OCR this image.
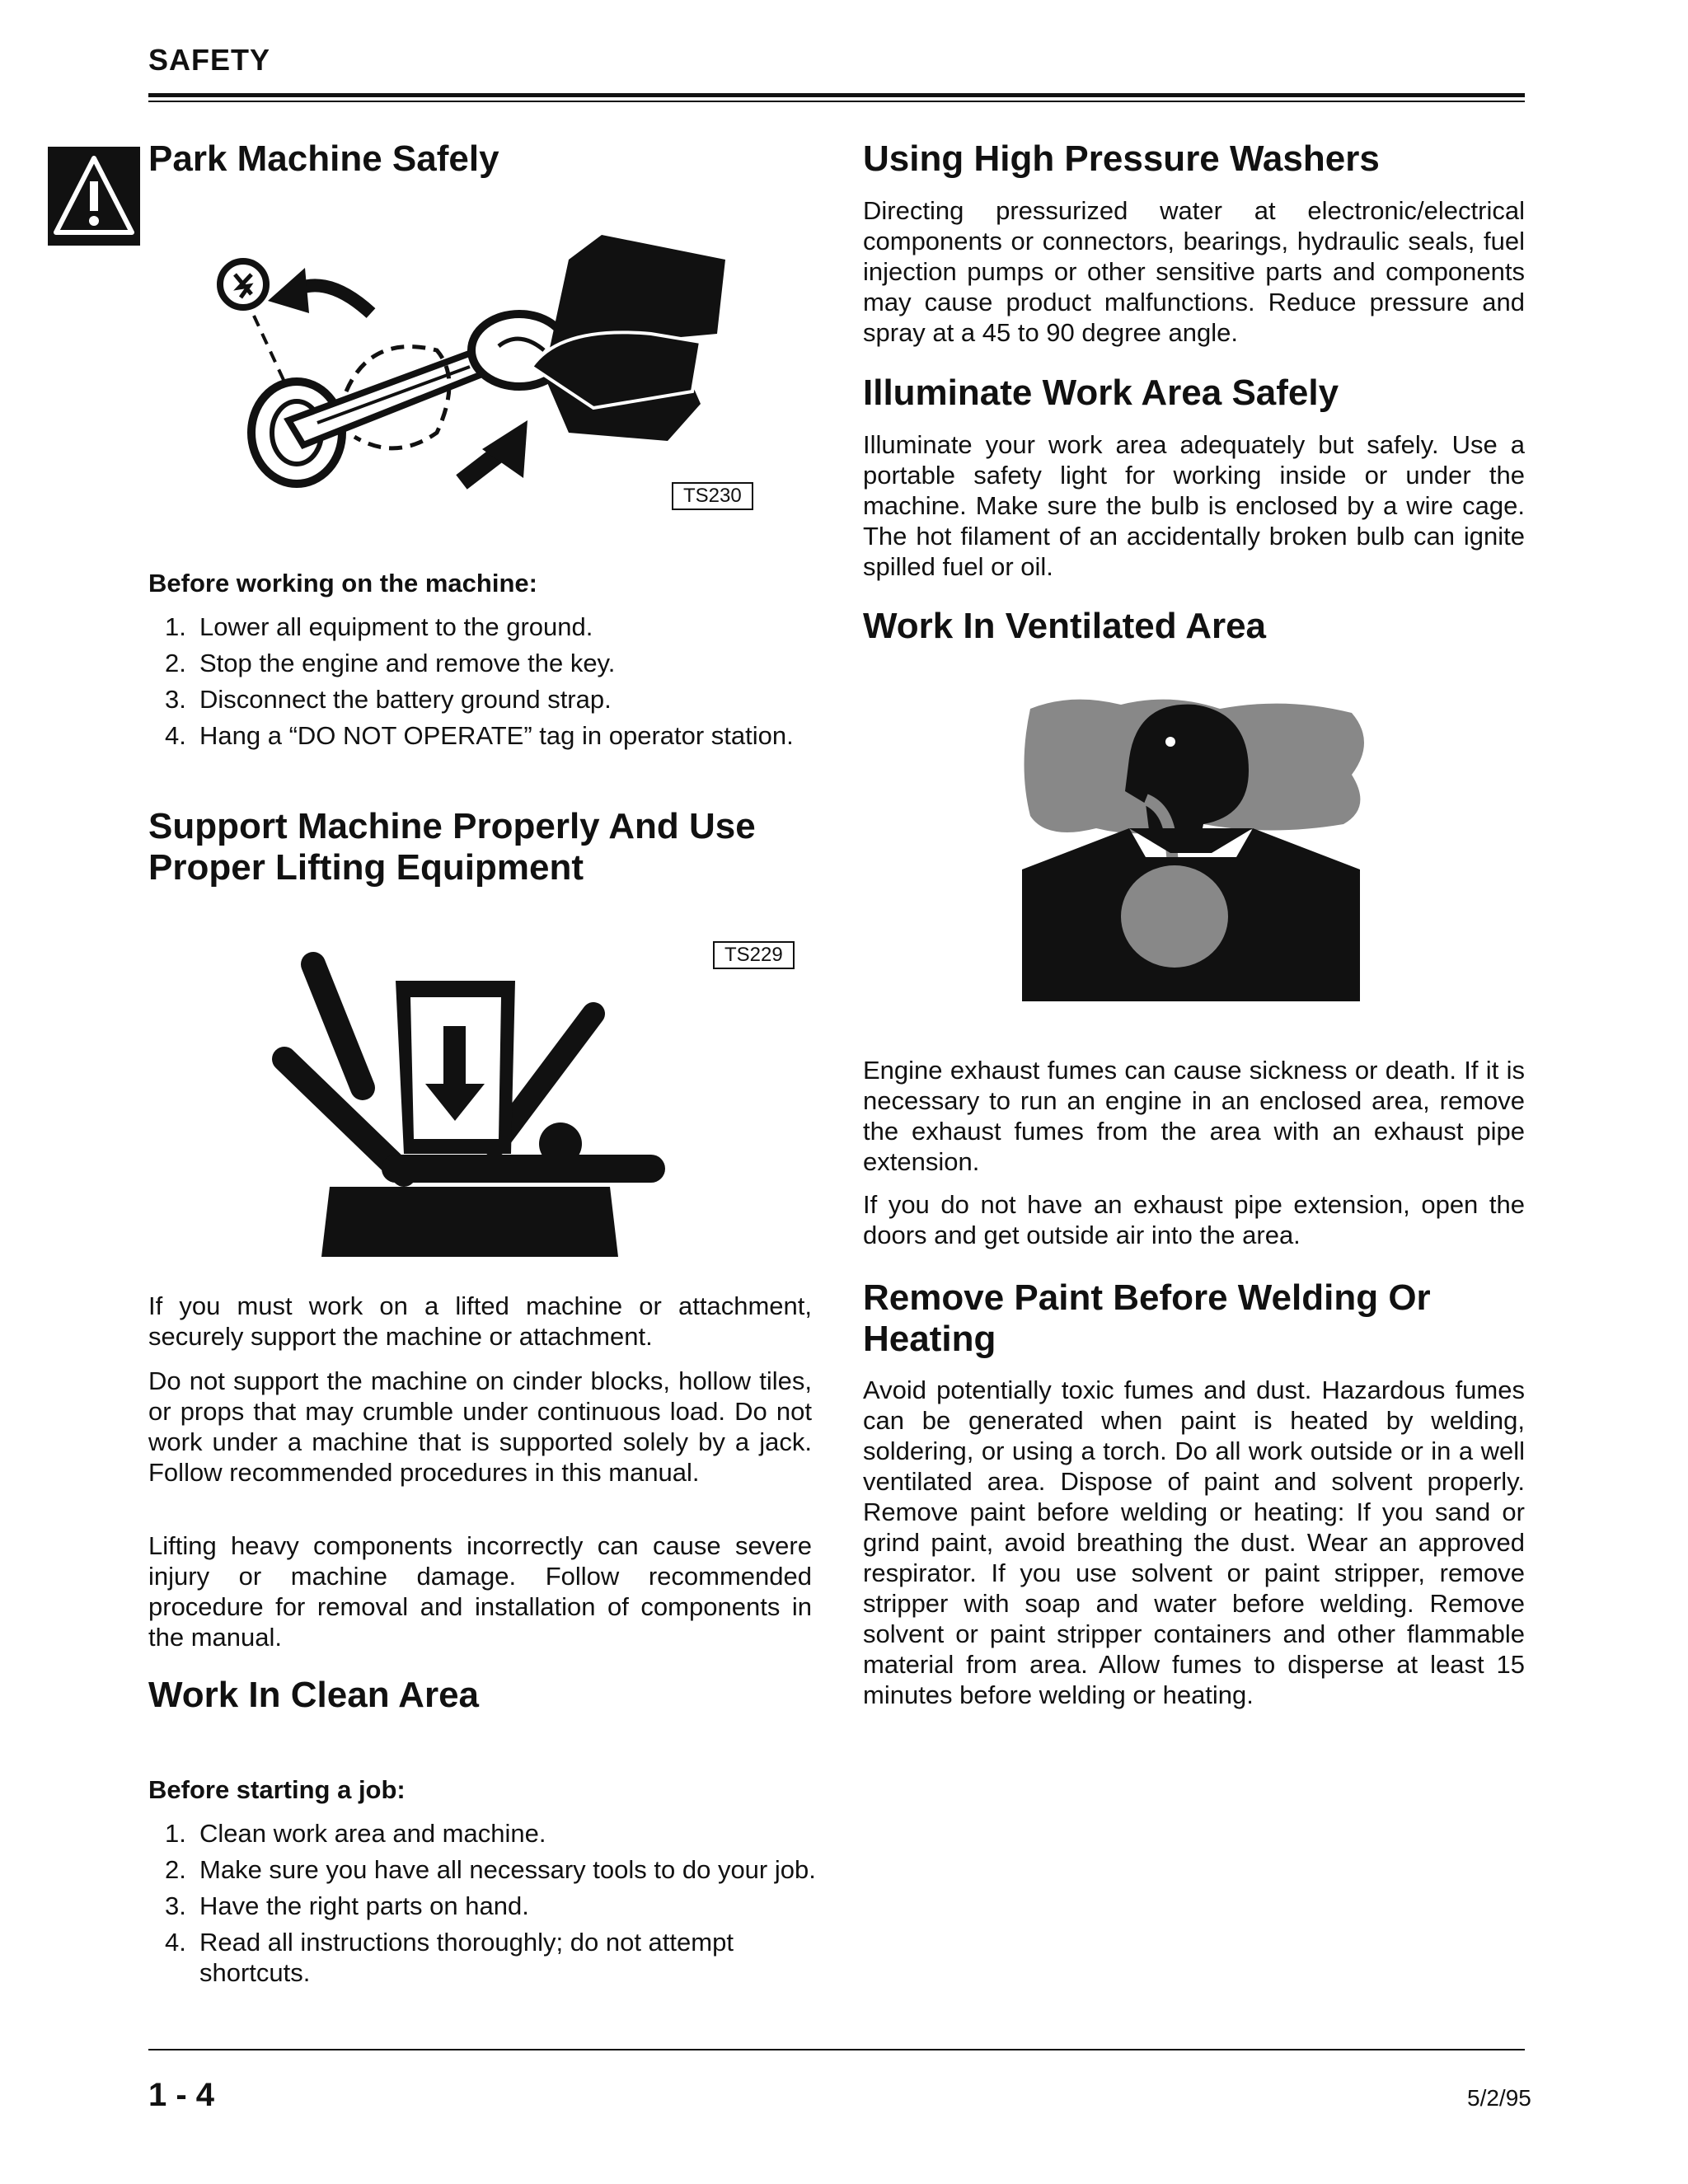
SAFETY
Park Machine Safely
TS230
Before working on the machine:
1. Lower all equipment to the ground.
2. Stop the engine and remove the key.
3. Disconnect the battery ground strap.
4. Hang a “DO NOT OPERATE” tag in operator station.
Support Machine Properly And Use Proper Lifting Equipment
TS229

If you must work on a lifted machine or attachment, securely support the machine or attachment.

Do not support the machine on cinder blocks, hollow tiles, or props that may crumble under continuous load. Do not work under a machine that is supported solely by a jack. Follow recommended procedures in this manual.

Lifting heavy components incorrectly can cause severe injury or machine damage. Follow recommended procedure for removal and installation of components in the manual.

Work In Clean Area
Before starting a job:
1. Clean work area and machine.
2. Make sure you have all necessary tools to do your job.
3. Have the right parts on hand.
4. Read all instructions thoroughly; do not attempt shortcuts.
Using High Pressure Washers

Directing pressurized water at electronic/electrical components or connectors, bearings, hydraulic seals, fuel injection pumps or other sensitive parts and components may cause product malfunctions. Reduce pressure and spray at a 45 to 90 degree angle.

Illuminate Work Area Safely

Illuminate your work area adequately but safely. Use a portable safety light for working inside or under the machine. Make sure the bulb is enclosed by a wire cage. The hot filament of an accidentally broken bulb can ignite spilled fuel or oil.

Work In Ventilated Area

Engine exhaust fumes can cause sickness or death. If it is necessary to run an engine in an enclosed area, remove the exhaust fumes from the area with an exhaust pipe extension.

If you do not have an exhaust pipe extension, open the doors and get outside air into the area.

Remove Paint Before Welding Or Heating

Avoid potentially toxic fumes and dust. Hazardous fumes can be generated when paint is heated by welding, soldering, or using a torch. Do all work outside or in a well ventilated area. Dispose of paint and solvent properly. Remove paint before welding or heating: If you sand or grind paint, avoid breathing the dust. Wear an approved respirator. If you use solvent or paint stripper, remove stripper with soap and water before welding. Remove solvent or paint stripper containers and other flammable material from area. Allow fumes to disperse at least 15 minutes before welding or heating.

1 - 4	5/2/95
